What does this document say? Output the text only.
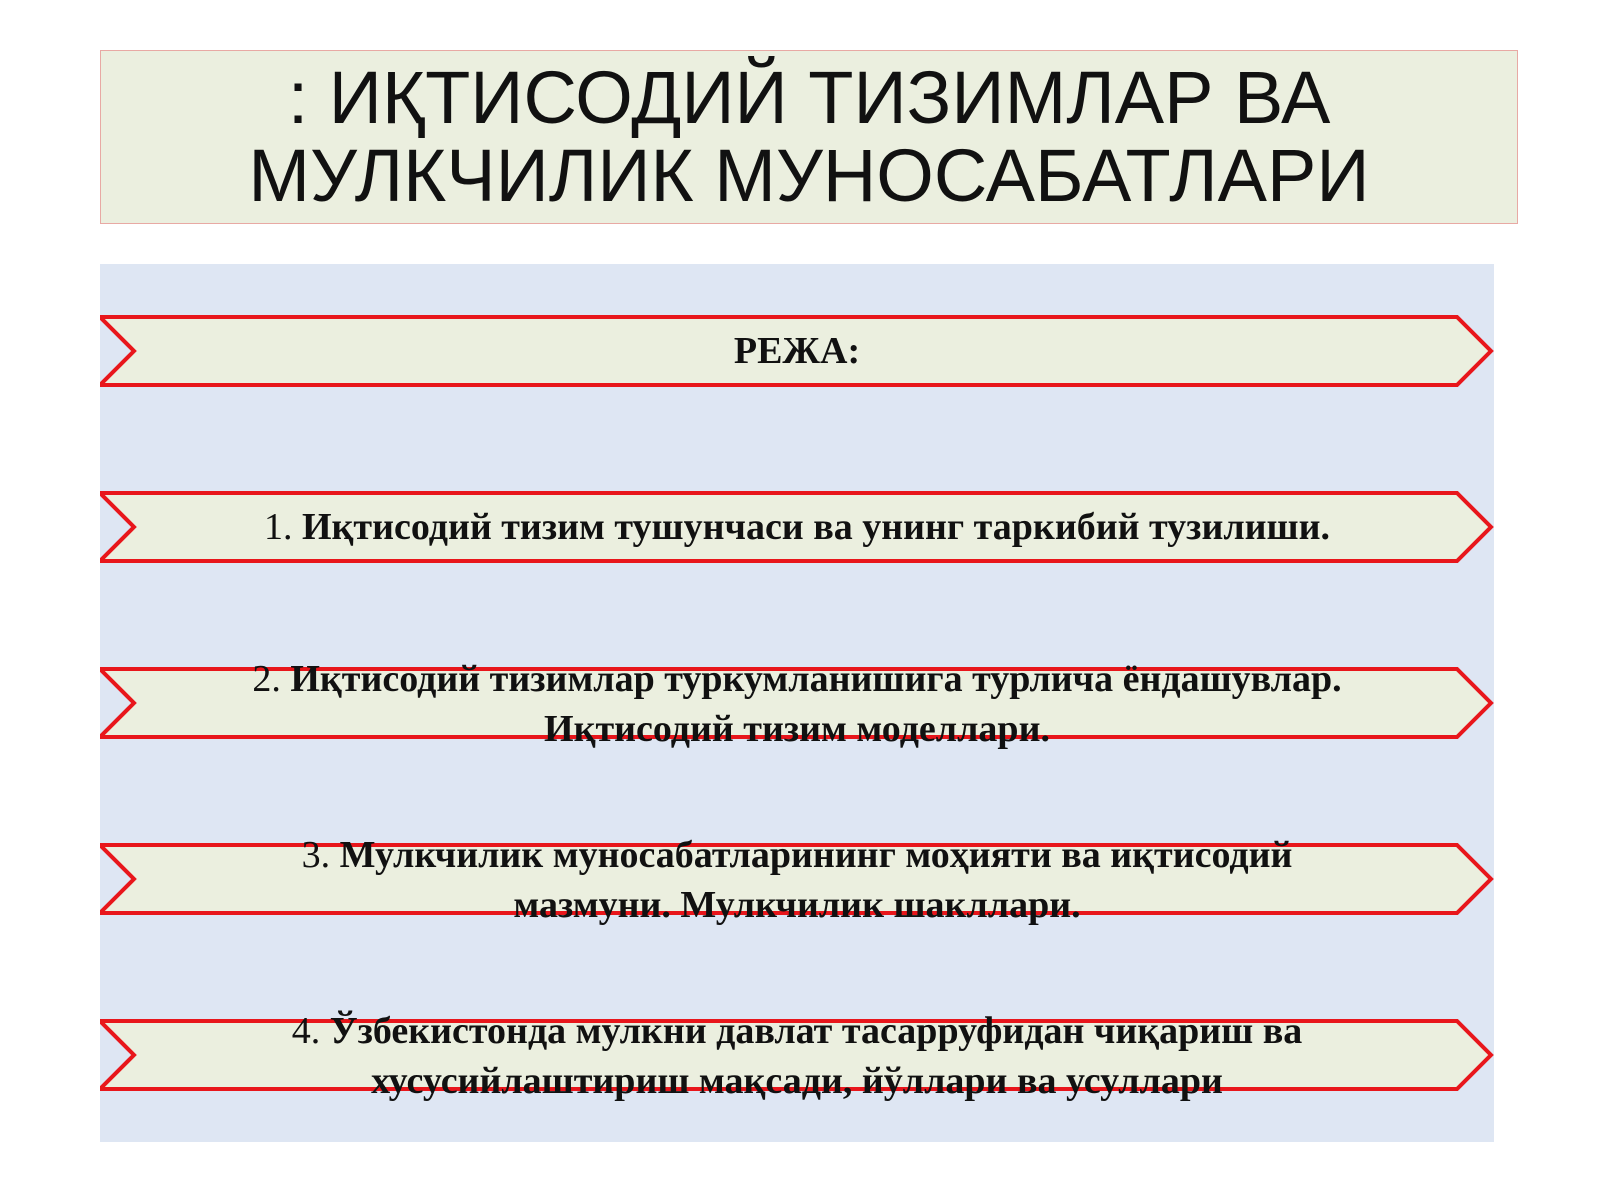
: ИҚТИСОДИЙ ТИЗИМЛАР ВА
МУЛКЧИЛИК МУНОСАБАТЛАРИ
РЕЖА:
1. Иқтисодий тизим тушунчаси ва унинг таркибий тузилиши.
2. Иқтисодий тизимлар туркумланишига турлича ёндашувлар.
Иқтисодий тизим моделлари.
3. Мулкчилик муносабатларининг моҳияти ва иқтисодий
мазмуни. Мулкчилик шакллари.
4. Ўзбекистонда мулкни давлат тасарруфидан чиқариш ва
хусусийлаштириш мақсади, йўллари ва усуллари
